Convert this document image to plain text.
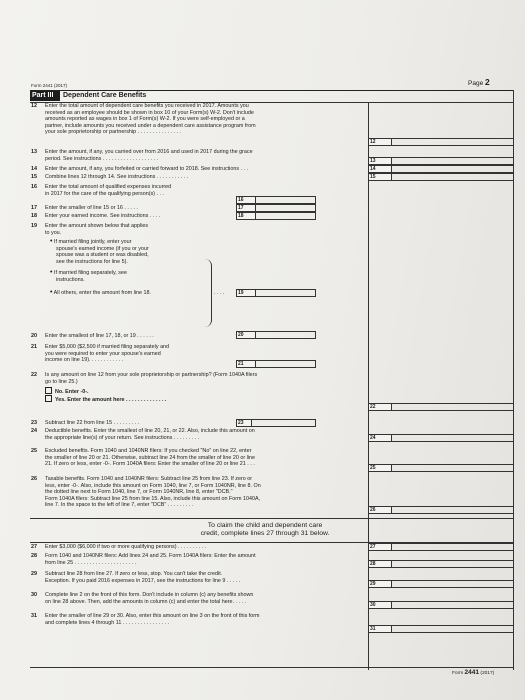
Page 2
Form 2441 (2017)
Part III	Dependent Care Benefits
12	Enter the total amount of dependent care benefits you received in 2017. Amounts you
received as an employee should be shown in box 10 of your Form(s) W-2. Don't include
amounts reported as wages in box 1 of Form(s) W-2. If you were self-employed or a
partner, include amounts you received under a dependent care assistance program from
your sole proprietorship or partnership . . . . . . . . . . . . . . .
12
13	Enter the amount, if any, you carried over from 2016 and used in 2017 during the grace
period. See instructions . . . . . . . . . . . . . . . . . . .	13
14	Enter the amount, if any, you forfeited or carried forward to 2018. See instructions . . .	14
15	Combine lines 12 through 14. See instructions . . . . . . . . . . .	15
16	Enter the total amount of qualified expenses incurred
in 2017 for the care of the qualifying person(s) . . .
16
17	Enter the smaller of line 15 or 16 . . . . .	17
18	Enter your earned income. See instructions . . . .	18
19	Enter the amount shown below that applies
to you.
• If married filing jointly, enter your
spouse's earned income (if you or your
spouse was a student or was disabled,
see the instructions for line 5).
• If married filing separately, see
instructions.
• All others, enter the amount from line 18.	. . . .	19
20	Enter the smallest of line 17, 18, or 19 . . . . . .	20
21	Enter $5,000 ($2,500 if married filing separately and
you were required to enter your spouse's earned
income on line 19). . . . . . . . . . . .
21
22	Is any amount on line 12 from your sole proprietorship or partnership? (Form 1040A filers
go to line 25.)
No. Enter -0-.
Yes. Enter the amount here . . . . . . . . . . . . . .
22
23	Subtract line 22 from line 15 . . . . . . . . .	23
24	Deductible benefits. Enter the smallest of line 20, 21, or 22. Also, include this amount on
the appropriate line(s) of your return. See instructions . . . . . . . . .	24
25	Excluded benefits. Form 1040 and 1040NR filers: If you checked "No" on line 22, enter
the smaller of line 20 or 21. Otherwise, subtract line 24 from the smaller of line 20 or line
21. If zero or less, enter -0-. Form 1040A filers: Enter the smaller of line 20 or line 21 . . .
25
26	Taxable benefits. Form 1040 and 1040NR filers: Subtract line 25 from line 23. If zero or
less, enter -0-. Also, include this amount on Form 1040, line 7, or Form 1040NR, line 8. On
the dotted line next to Form 1040, line 7, or Form 1040NR, line 8, enter "DCB."
Form 1040A filers: Subtract line 25 from line 15. Also, include this amount on Form 1040A,
line 7. In the space to the left of line 7, enter "DCB" . . . . . . . . .
26
To claim the child and dependent care
credit, complete lines 27 through 31 below.
27	Enter $3,000 ($6,000 if two or more qualifying persons) . . . . . . . . . .	27
28	Form 1040 and 1040NR filers: Add lines 24 and 25. Form 1040A filers: Enter the amount
from line 25 . . . . . . . . . . . . . . . . . . . . .	28
29	Subtract line 28 from line 27. If zero or less, stop. You can't take the credit.
Exception. If you paid 2016 expenses in 2017, see the instructions for line 9 . . . . .
29
30	Complete line 2 on the front of this form. Don't include in column (c) any benefits shown
on line 28 above. Then, add the amounts in column (c) and enter the total here. . . . .
30
31	Enter the smaller of line 29 or 30. Also, enter this amount on line 3 on the front of this form
and complete lines 4 through 11 . . . . . . . . . . . . . . . .
31
Form 2441 (2017)
